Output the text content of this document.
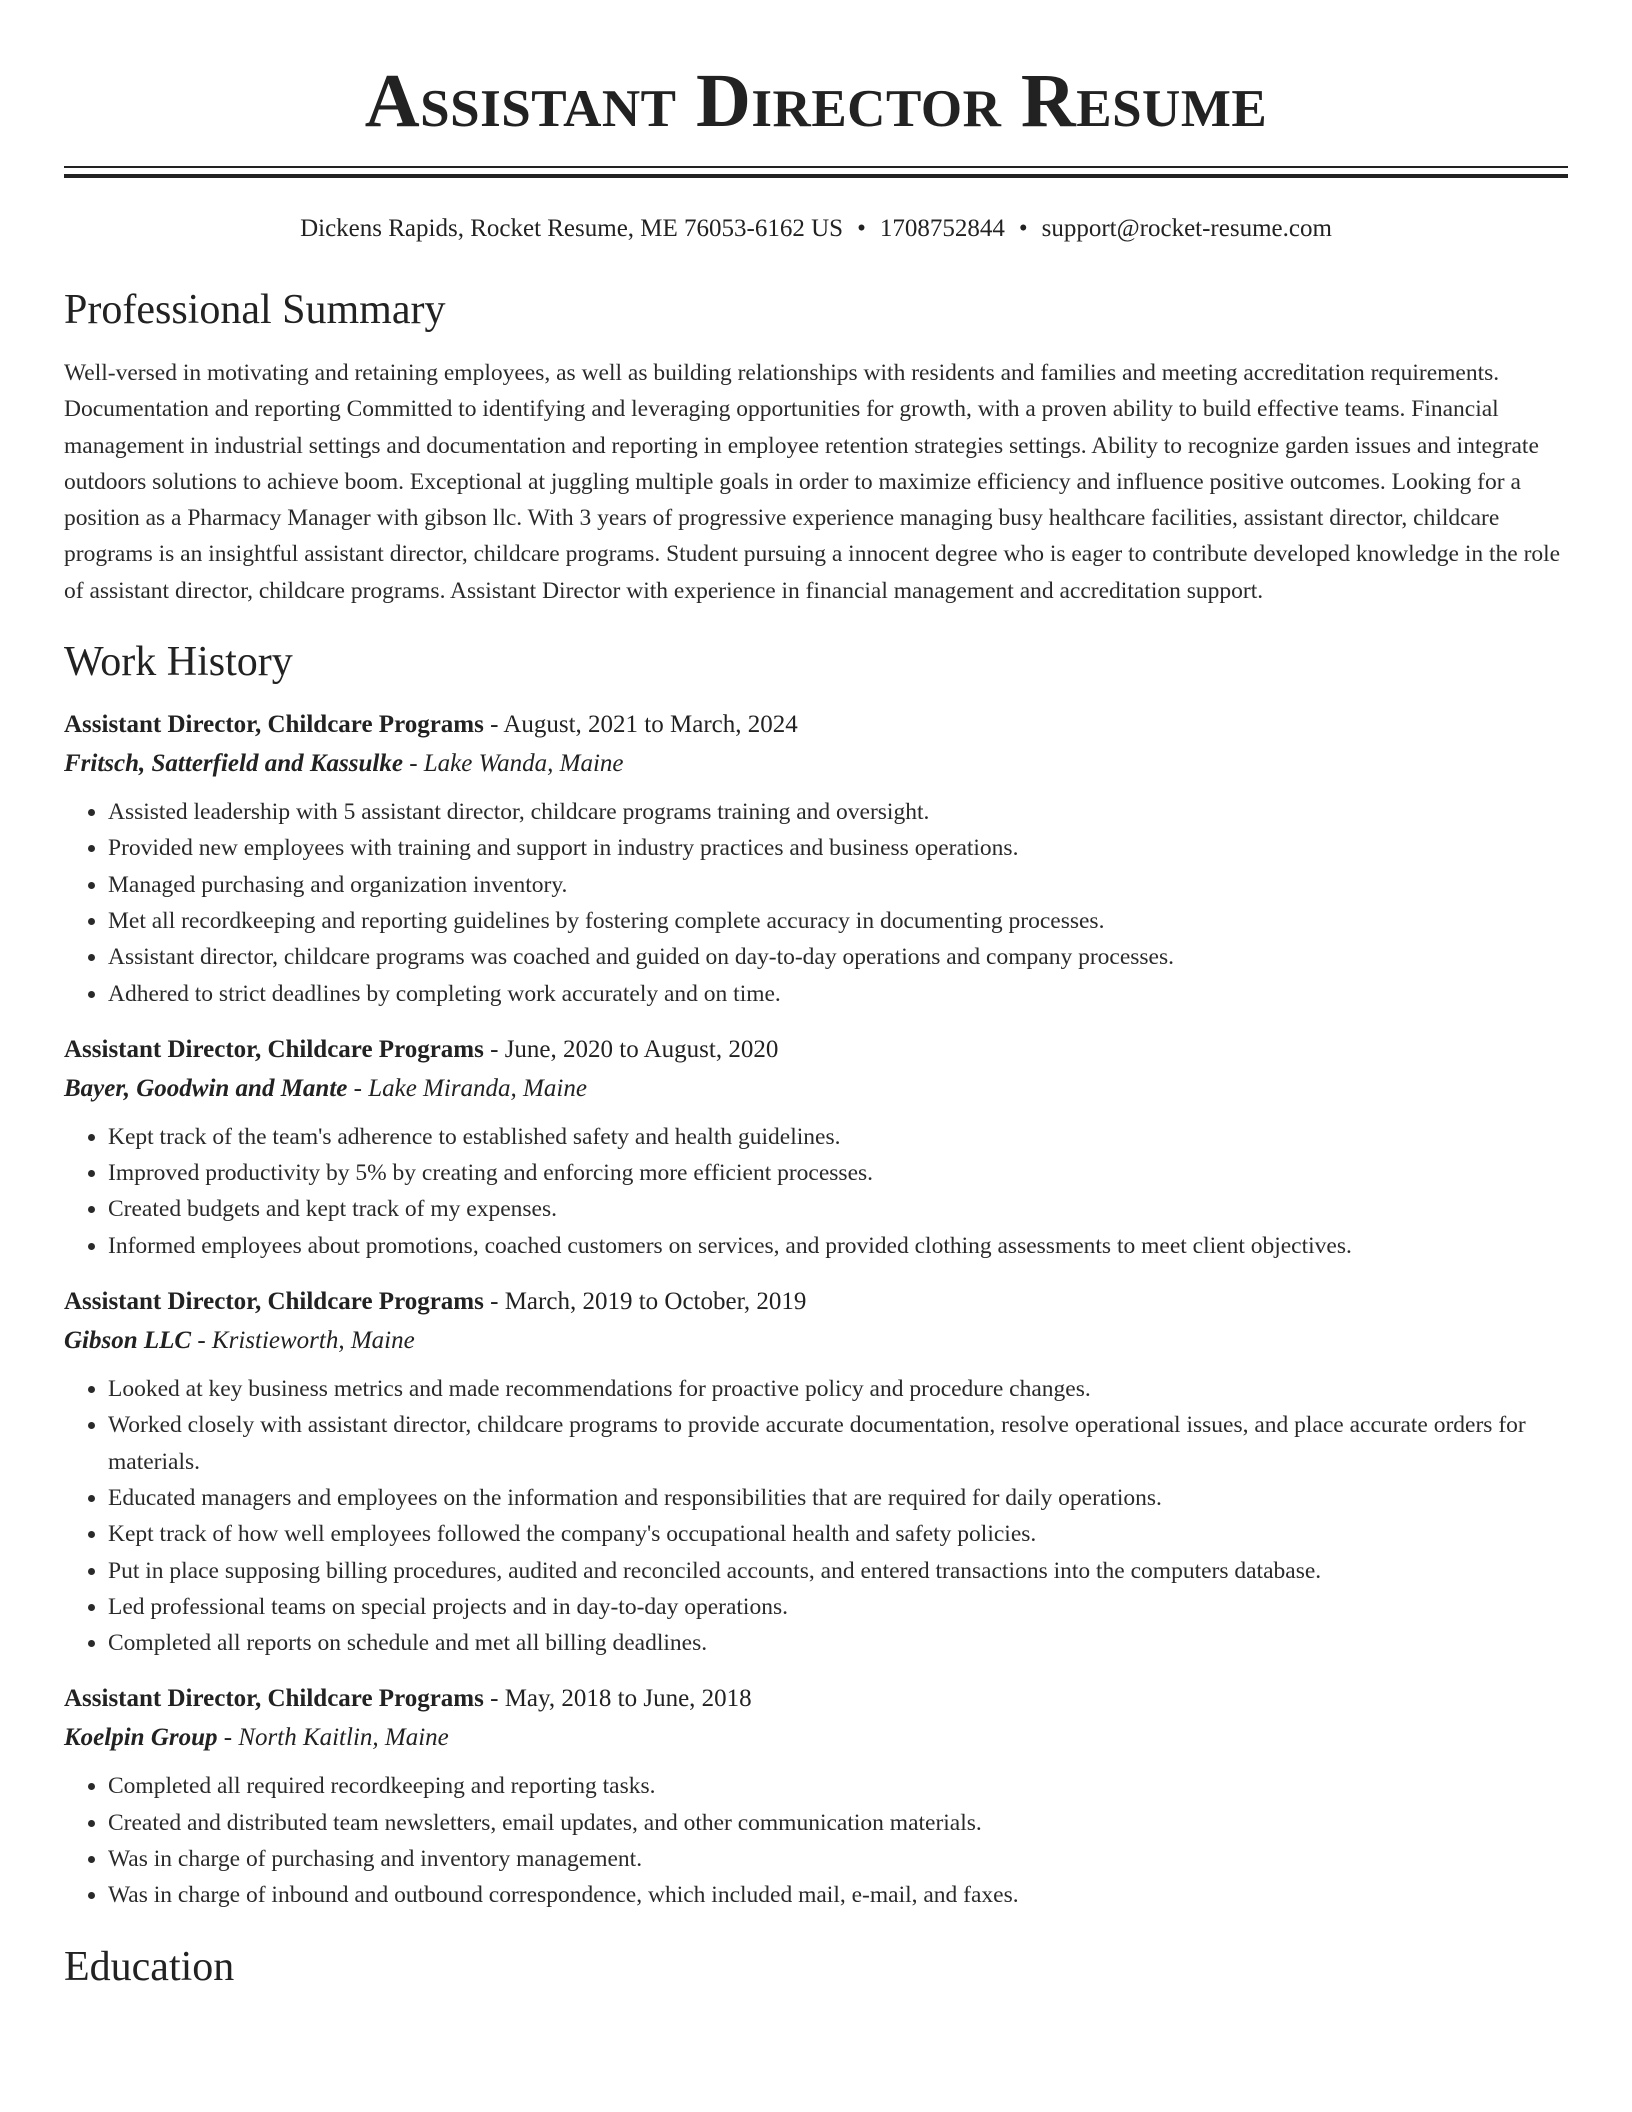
Assistant Director Resume
Dickens Rapids, Rocket Resume, ME 76053-6162 US • 1708752844 • support@rocket-resume.com
Professional Summary

Well-versed in motivating and retaining employees, as well as building relationships with residents and families and meeting accreditation requirements. Documentation and reporting Committed to identifying and leveraging opportunities for growth, with a proven ability to build effective teams. Financial management in industrial settings and documentation and reporting in employee retention strategies settings. Ability to recognize garden issues and integrate outdoors solutions to achieve boom. Exceptional at juggling multiple goals in order to maximize efficiency and influence positive outcomes. Looking for a position as a Pharmacy Manager with gibson llc. With 3 years of progressive experience managing busy healthcare facilities, assistant director, childcare programs is an insightful assistant director, childcare programs. Student pursuing a innocent degree who is eager to contribute developed knowledge in the role of assistant director, childcare programs. Assistant Director with experience in financial management and accreditation support.

Work History
Assistant Director, Childcare Programs - August, 2021 to March, 2024
Fritsch, Satterfield and Kassulke - Lake Wanda, Maine
• Assisted leadership with 5 assistant director, childcare programs training and oversight.
• Provided new employees with training and support in industry practices and business operations.
• Managed purchasing and organization inventory.
• Met all recordkeeping and reporting guidelines by fostering complete accuracy in documenting processes.
• Assistant director, childcare programs was coached and guided on day-to-day operations and company processes.
• Adhered to strict deadlines by completing work accurately and on time.
Assistant Director, Childcare Programs - June, 2020 to August, 2020
Bayer, Goodwin and Mante - Lake Miranda, Maine
• Kept track of the team's adherence to established safety and health guidelines.
• Improved productivity by 5% by creating and enforcing more efficient processes.
• Created budgets and kept track of my expenses.
• Informed employees about promotions, coached customers on services, and provided clothing assessments to meet client objectives.
Assistant Director, Childcare Programs - March, 2019 to October, 2019
Gibson LLC - Kristieworth, Maine
• Looked at key business metrics and made recommendations for proactive policy and procedure changes.
• Worked closely with assistant director, childcare programs to provide accurate documentation, resolve operational issues, and place accurate orders for materials.
• Educated managers and employees on the information and responsibilities that are required for daily operations.
• Kept track of how well employees followed the company's occupational health and safety policies.
• Put in place supposing billing procedures, audited and reconciled accounts, and entered transactions into the computers database.
• Led professional teams on special projects and in day-to-day operations.
• Completed all reports on schedule and met all billing deadlines.
Assistant Director, Childcare Programs - May, 2018 to June, 2018
Koelpin Group - North Kaitlin, Maine
• Completed all required recordkeeping and reporting tasks.
• Created and distributed team newsletters, email updates, and other communication materials.
• Was in charge of purchasing and inventory management.
• Was in charge of inbound and outbound correspondence, which included mail, e-mail, and faxes.
Education
